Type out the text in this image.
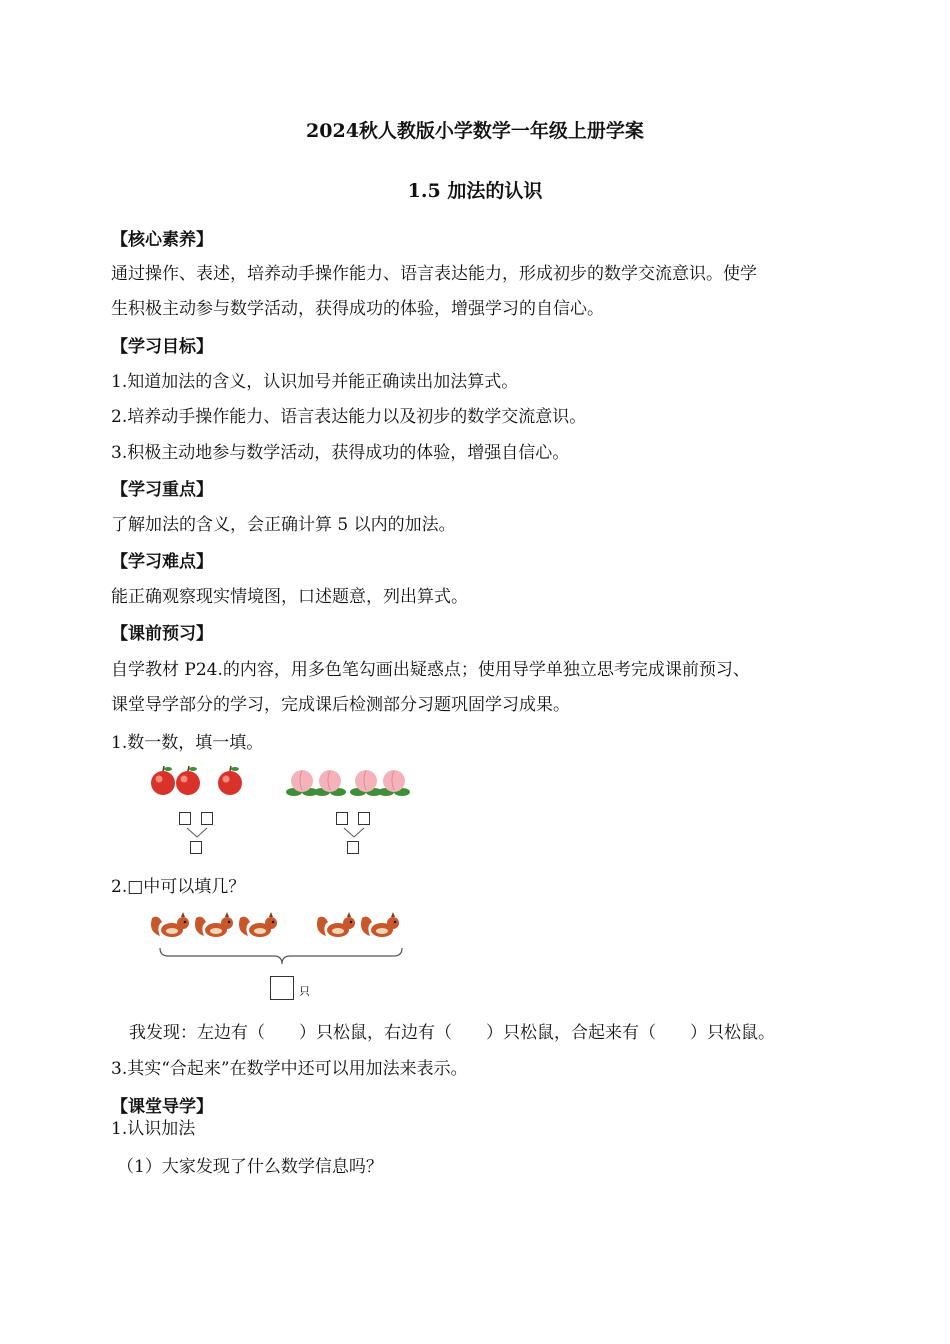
2024秋人教版小学数学一年级上册学案
1.5 加法的认识
【核心素养】
通过操作、表述，培养动手操作能力、语言表达能力，形成初步的数学交流意识。使学
生积极主动参与数学活动，获得成功的体验，增强学习的自信心。
【学习目标】
1.知道加法的含义，认识加号并能正确读出加法算式。
2.培养动手操作能力、语言表达能力以及初步的数学交流意识。
3.积极主动地参与数学活动，获得成功的体验，增强自信心。
【学习重点】
了解加法的含义，会正确计算 5 以内的加法。
【学习难点】
能正确观察现实情境图，口述题意，列出算式。
【课前预习】
自学教材 P24.的内容，用多色笔勾画出疑惑点；使用导学单独立思考完成课前预习、
课堂导学部分的学习，完成课后检测部分习题巩固学习成果。
1.数一数，填一填。
2.□中可以填几？
只
我发现：左边有（　　）只松鼠，右边有（　　）只松鼠，合起来有（　　）只松鼠。
3.其实“合起来”在数学中还可以用加法来表示。
【课堂导学】
1.认识加法
（1）大家发现了什么数学信息吗？
